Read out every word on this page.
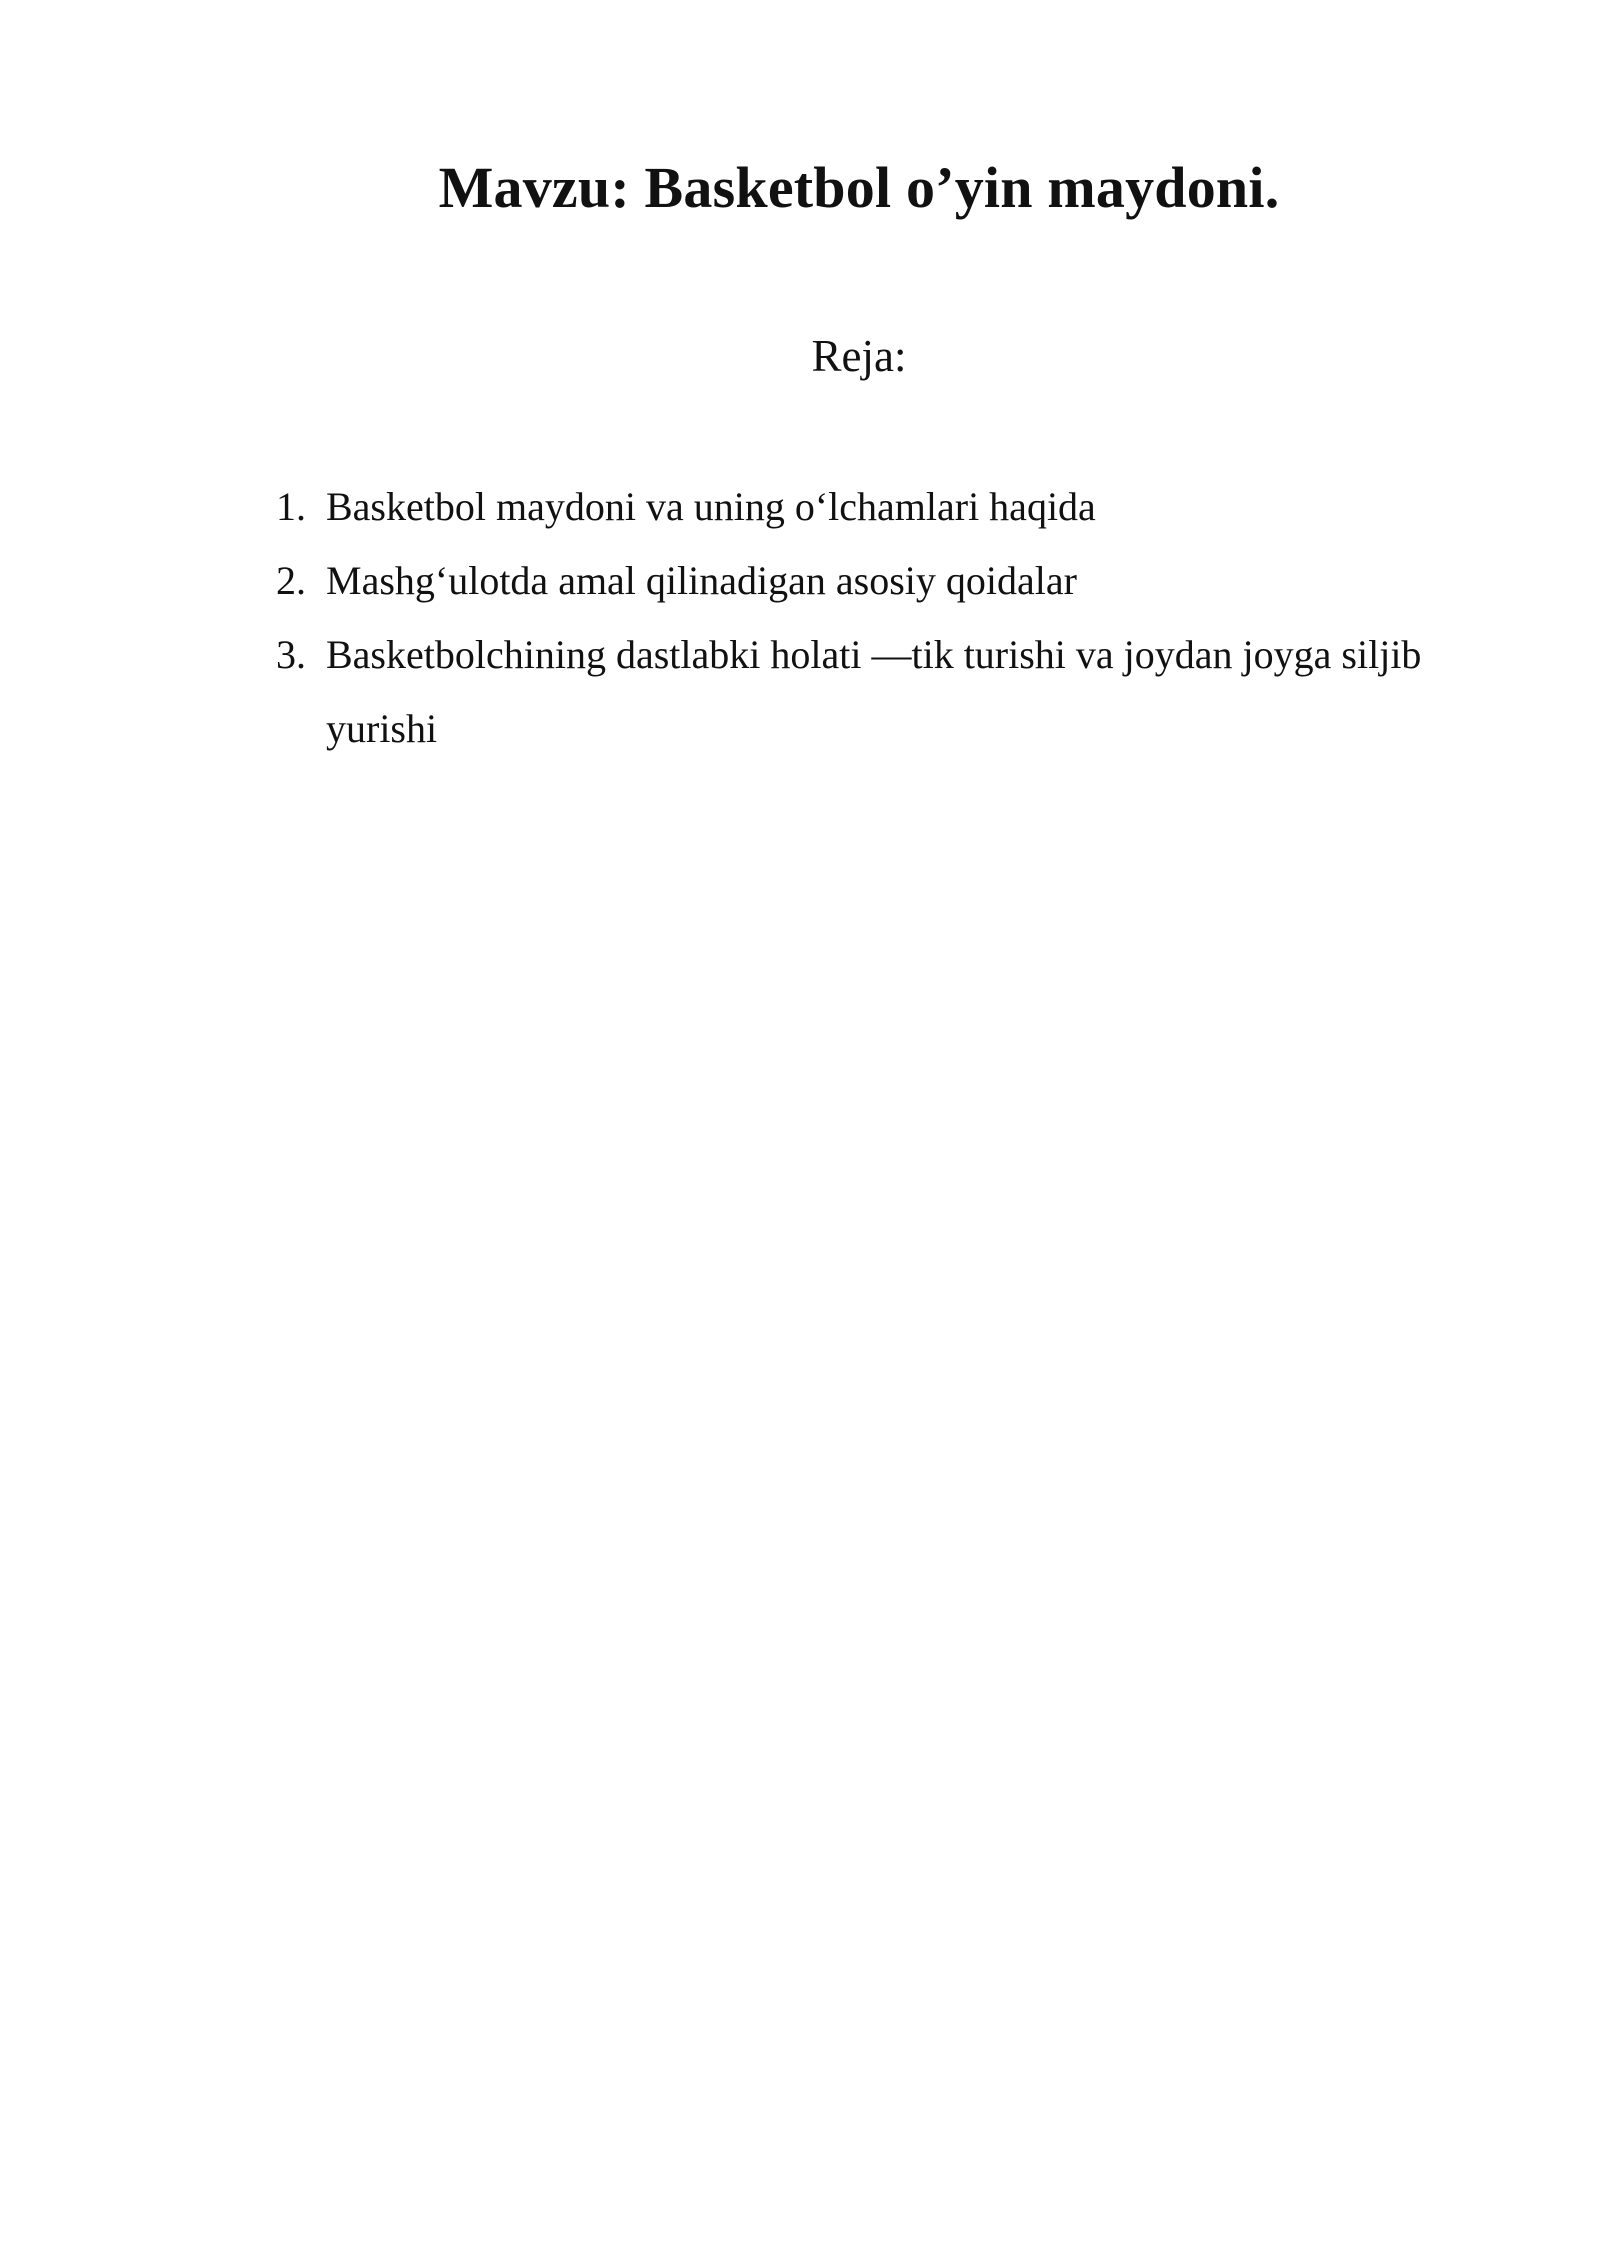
Mavzu: Basketbol o’yin maydoni.
Reja:
1. Basketbol maydoni va uning oʻlchamlari haqida
2. Mashgʻulotda amal qilinadigan asosiy qoidalar
3. Basketbolchining dastlabki holati —tik turishi va joydan joyga siljib yurishi
